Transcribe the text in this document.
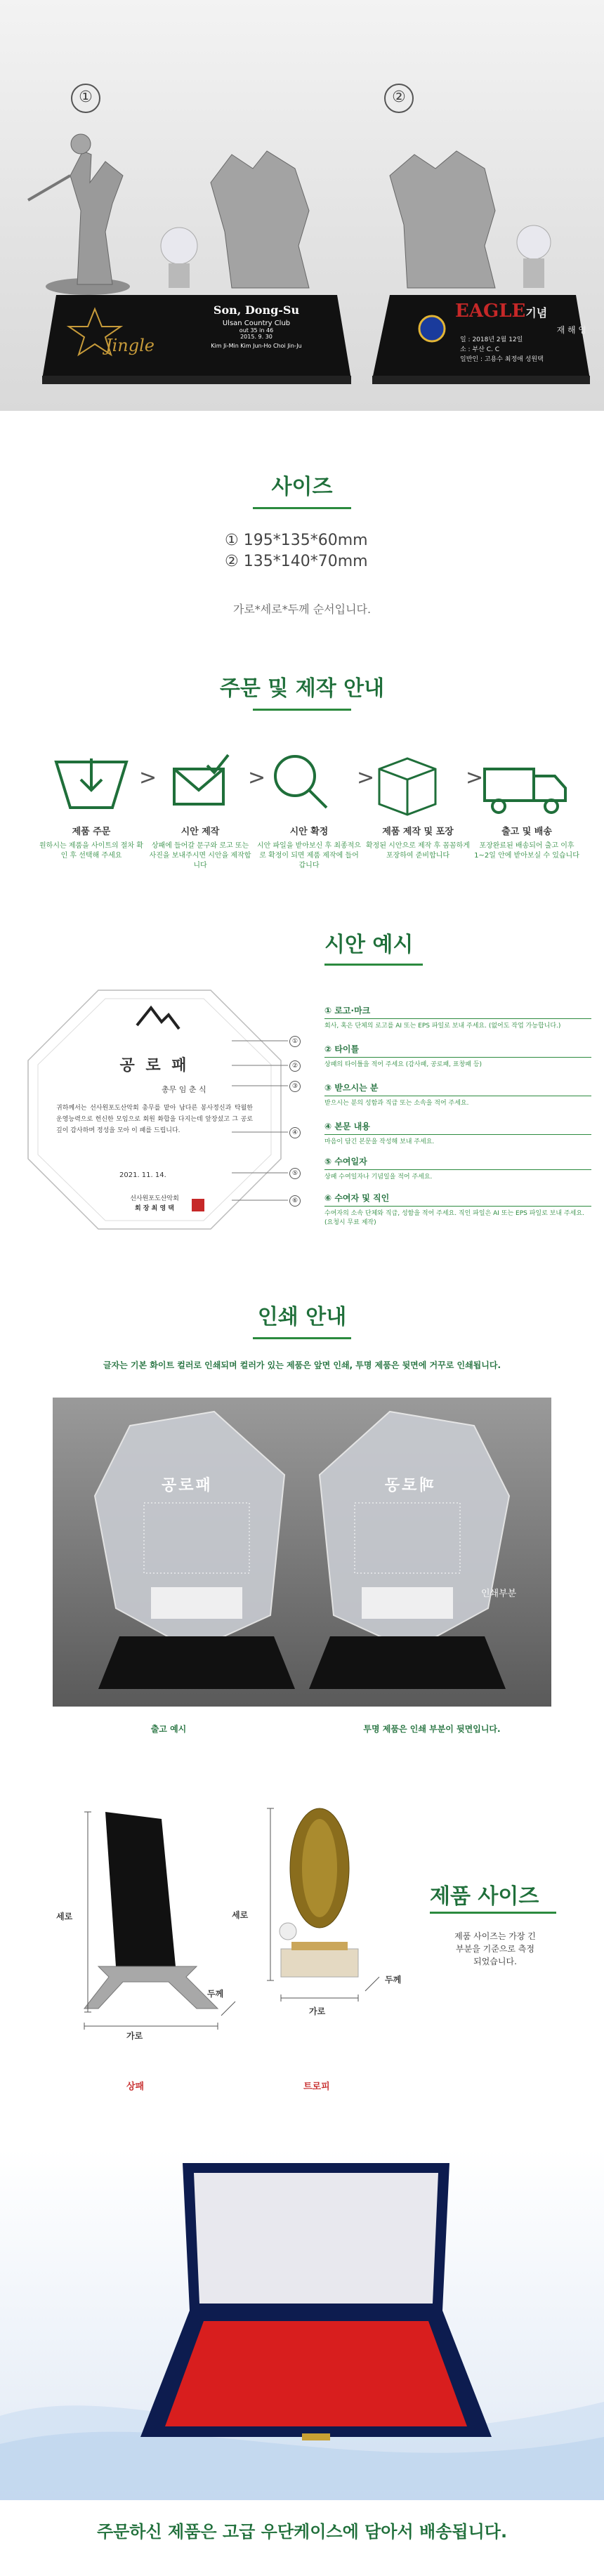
①	②
Jingle
Son, Dong-Su
Ulsan Country Club
out 35 in 46
2015. 9. 30
Kim Ji-Min Kim Jun-Ho Choi Jin-Ju
EAGLE기념
재 해 영
일 : 2018년 2월 12일
소 : 부산 C. C
일반인 : 고용수 최정애 성원택
사이즈
① 195*135*60mm
② 135*140*70mm
가로*세로*두께 순서입니다.
주문 및 제작 안내
>	>	>	>
제품 주문
원하시는 제품을 사이트의 절차 확인 후 선택해 주세요
시안 제작
상패에 들어갈 문구와 로고 또는 사진을 보내주시면 시안을 제작합니다
시안 확정
시안 파일을 받아보신 후 최종적으로 확정이 되면 제품 제작에 들어갑니다
제품 제작 및 포장
확정된 시안으로 제작 후 꼼꼼하게 포장하여 준비합니다
출고 및 배송
포장완료된 배송되어 출고 이후 1~2일 안에 받아보실 수 있습니다
시안 예시
공 로 패
총무 임 춘 식
귀하께서는 선사원포도산악회 총무를 맡아 남다른 봉사정신과 탁월한 운영능력으로 헌신한 모임으로 회원 화합을 다지는데 앞장섰고 그 공로 깊이 감사하며 정성을 모아 이 패를 드립니다.
2021. 11. 14.
선사원포도산악회
회 장 최 영 택
①
②
③
④
⑤
⑥
① 로고·마크
회사, 혹은 단체의 로고를 AI 또는 EPS 파일로 보내 주세요. (없어도 작업 가능합니다.)
② 타이틀
상패의 타이틀을 적어 주세요 (감사패, 공로패, 표창패 등)
③ 받으시는 분
받으시는 분의 성함과 직급 또는 소속을 적어 주세요.
④ 본문 내용
마음이 담긴 본문을 작성해 보내 주세요.
⑤ 수여일자
상패 수여일자나 기념일을 적어 주세요.
⑥ 수여자 및 직인
수여자의 소속 단체와 직급, 성함을 적어 주세요. 직인 파일은 AI 또는 EPS 파일로 보내 주세요. (요청시 무료 제작)
인쇄 안내
글자는 기본 화이트 컬러로 인쇄되며 컬러가 있는 제품은 앞면 인쇄, 투명 제품은 뒷면에 거꾸로 인쇄됩니다.
공로패	패로공
인쇄부분
출고 예시	투명 제품은 인쇄 부분이 뒷면입니다.
세로
가로
두께
상패
세로
가로
두께
트로피
제품 사이즈
제품 사이즈는 가장 긴 부분을 기준으로 측정되었습니다.
주문하신 제품은 고급 우단케이스에 담아서 배송됩니다.
